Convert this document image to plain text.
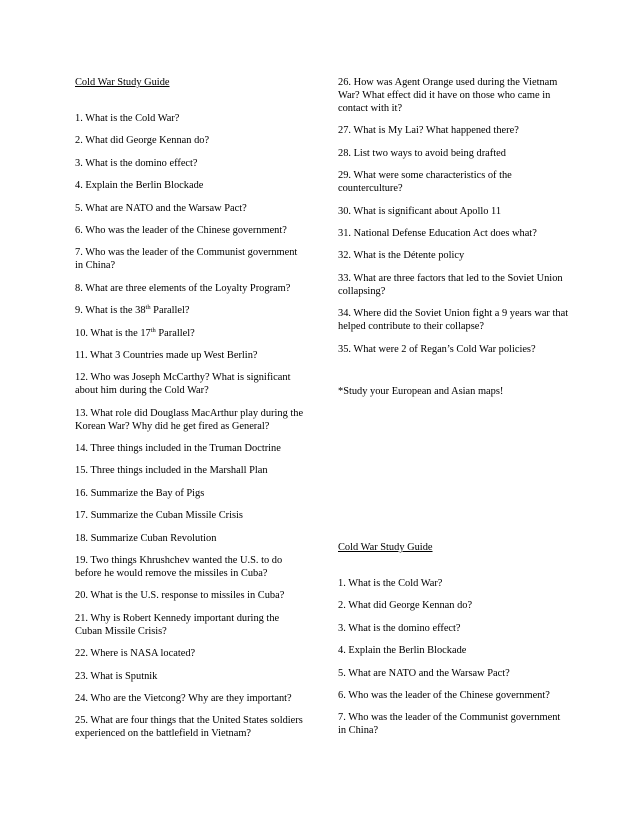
Cold War Study Guide

1. What is the Cold War?

2. What did George Kennan do?

3. What is the domino effect?

4. Explain the Berlin Blockade

5. What are NATO and the Warsaw Pact?

6. Who was the leader of the Chinese government?

7. Who was the leader of the Communist government in China?

8. What are three elements of the Loyalty Program?

9. What is the 38th Parallel?

10. What is the 17th Parallel?

11. What 3 Countries made up West Berlin?

12. Who was Joseph McCarthy? What is significant about him during the Cold War?

13. What role did Douglass MacArthur play during the Korean War? Why did he get fired as General?

14. Three things included in the Truman Doctrine

15. Three things included in the Marshall Plan

16. Summarize the Bay of Pigs

17. Summarize the Cuban Missile Crisis

18. Summarize Cuban Revolution

19. Two things Khrushchev wanted the U.S. to do before he would remove the missiles in Cuba?

20. What is the U.S. response to missiles in Cuba?

21. Why is Robert Kennedy important during the Cuban Missile Crisis?

22. Where is NASA located?

23. What is Sputnik

24. Who are the Vietcong? Why are they important?

25. What are four things that the United States soldiers experienced on the battlefield in Vietnam?

26. How was Agent Orange used during the Vietnam War? What effect did it have on those who came in contact with it?

27. What is My Lai? What happened there?

28. List two ways to avoid being drafted

29. What were some characteristics of the counterculture?

30. What is significant about Apollo 11

31. National Defense Education Act does what?

32. What is the Détente policy

33. What are three factors that led to the Soviet Union collapsing?

34. Where did the Soviet Union fight a 9 years war that helped contribute to their collapse?

35. What were 2 of Regan’s Cold War policies?

*Study your European and Asian maps!

Cold War Study Guide

1. What is the Cold War?

2. What did George Kennan do?

3. What is the domino effect?

4. Explain the Berlin Blockade

5. What are NATO and the Warsaw Pact?

6. Who was the leader of the Chinese government?

7. Who was the leader of the Communist government in China?
